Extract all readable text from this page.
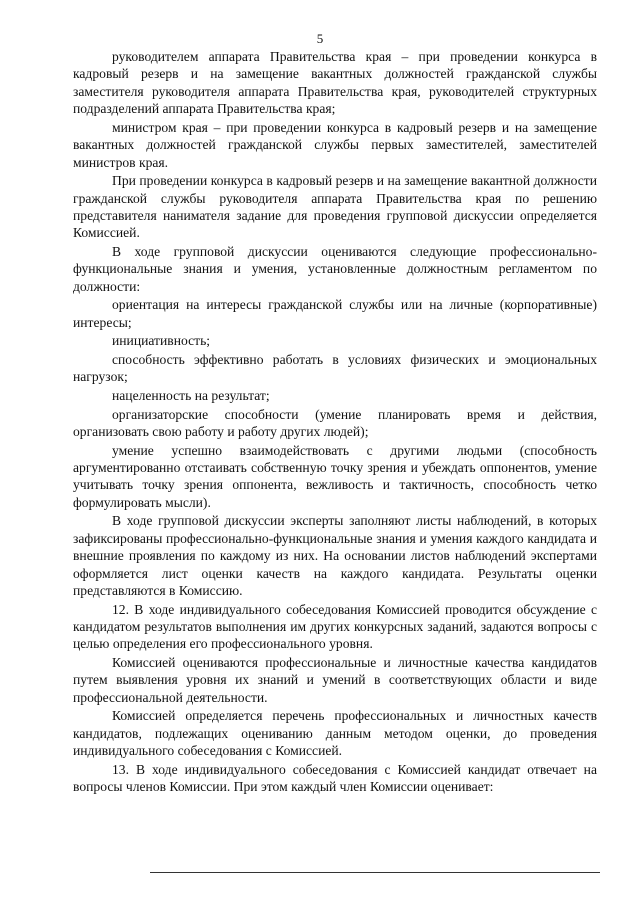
5

руководителем аппарата Правительства края – при проведении конкурса в кадровый резерв и на замещение вакантных должностей гражданской службы заместителя руководителя аппарата Правительства края, руководителей структурных подразделений аппарата Правительства края;

министром края – при проведении конкурса в кадровый резерв и на замещение вакантных должностей гражданской службы первых заместителей, заместителей министров края.

При проведении конкурса в кадровый резерв и на замещение вакантной должности гражданской службы руководителя аппарата Правительства края по решению представителя нанимателя задание для проведения групповой дискуссии определяется Комиссией.

В ходе групповой дискуссии оцениваются следующие профессионально-функциональные знания и умения, установленные должностным регламентом по должности:

ориентация на интересы гражданской службы или на личные (корпоративные) интересы;

инициативность;

способность эффективно работать в условиях физических и эмоциональных нагрузок;

нацеленность на результат;

организаторские способности (умение планировать время и действия, организовать свою работу и работу других людей);

умение успешно взаимодействовать с другими людьми (способность аргументированно отстаивать собственную точку зрения и убеждать оппонентов, умение учитывать точку зрения оппонента, вежливость и тактичность, способность четко формулировать мысли).

В ходе групповой дискуссии эксперты заполняют листы наблюдений, в которых зафиксированы профессионально-функциональные знания и умения каждого кандидата и внешние проявления по каждому из них. На основании листов наблюдений экспертами оформляется лист оценки качеств на каждого кандидата. Результаты оценки представляются в Комиссию.

12. В ходе индивидуального собеседования Комиссией проводится обсуждение с кандидатом результатов выполнения им других конкурсных заданий, задаются вопросы с целью определения его профессионального уровня.

Комиссией оцениваются профессиональные и личностные качества кандидатов путем выявления уровня их знаний и умений в соответствующих области и виде профессиональной деятельности.

Комиссией определяется перечень профессиональных и личностных качеств кандидатов, подлежащих оцениванию данным методом оценки, до проведения индивидуального собеседования с Комиссией.

13. В ходе индивидуального собеседования с Комиссией кандидат отвечает на вопросы членов Комиссии. При этом каждый член Комиссии оценивает:
